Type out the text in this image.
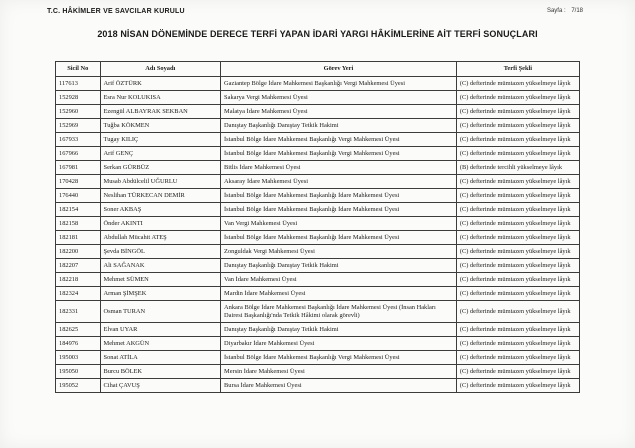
T.C. HÂKİMLER VE SAVCILAR KURULU	Sayfa : 7/18
2018 NİSAN DÖNEMİNDE DERECE TERFİ YAPAN İDARİ YARGI HÂKİMLERİNE AİT TERFİ SONUÇLARI
Sicil No	Adı Soyadı	Görev Yeri	Terfi Şekli
117613	Arif ÖZTÜRK	Gaziantep Bölge İdare Mahkemesi Başkanlığı Vergi Mahkemesi Üyesi	(C) defterinde mümtazen yükselmeye lâyık
152928	Esra Nur KOLUKISA	Sakarya Vergi Mahkemesi Üyesi	(C) defterinde mümtazen yükselmeye lâyık
152960	Ezengül ALBAYRAK SEKBAN	Malatya İdare Mahkemesi Üyesi	(C) defterinde mümtazen yükselmeye lâyık
152969	Tuğba KÖKMEN	Danıştay Başkanlığı Danıştay Tetkik Hakimi	(C) defterinde mümtazen yükselmeye lâyık
167933	Tugay KILIÇ	İstanbul Bölge İdare Mahkemesi Başkanlığı Vergi Mahkemesi Üyesi	(C) defterinde mümtazen yükselmeye lâyık
167966	Arif GENÇ	İstanbul Bölge İdare Mahkemesi Başkanlığı Vergi Mahkemesi Üyesi	(C) defterinde mümtazen yükselmeye lâyık
167981	Serkan GÜRBÜZ	Bitlis İdare Mahkemesi Üyesi	(B) defterinde tercihli yükselmeye lâyık
170428	Musab Abdülcelil UĞURLU	Aksaray İdare Mahkemesi Üyesi	(C) defterinde mümtazen yükselmeye lâyık
176440	Neslihan TÜRKECAN DEMİR	İstanbul Bölge İdare Mahkemesi Başkanlığı İdare Mahkemesi Üyesi	(C) defterinde mümtazen yükselmeye lâyık
182154	Soner AKBAŞ	İstanbul Bölge İdare Mahkemesi Başkanlığı İdare Mahkemesi Üyesi	(C) defterinde mümtazen yükselmeye lâyık
182158	Önder AKINTI	Van Vergi Mahkemesi Üyesi	(C) defterinde mümtazen yükselmeye lâyık
182181	Abdullah Mücahit ATEŞ	İstanbul Bölge İdare Mahkemesi Başkanlığı İdare Mahkemesi Üyesi	(C) defterinde mümtazen yükselmeye lâyık
182200	Şevda BİNGÖL	Zonguldak Vergi Mahkemesi Üyesi	(C) defterinde mümtazen yükselmeye lâyık
182207	Ali SAĞANAK	Danıştay Başkanlığı Danıştay Tetkik Hakimi	(C) defterinde mümtazen yükselmeye lâyık
182218	Mehmet SÜMEN	Van İdare Mahkemesi Üyesi	(C) defterinde mümtazen yükselmeye lâyık
182324	Arman ŞİMŞEK	Mardin İdare Mahkemesi Üyesi	(C) defterinde mümtazen yükselmeye lâyık
182331	Osman TURAN	Ankara Bölge İdare Mahkemesi Başkanlığı İdare Mahkemesi Üyesi (İnsan Hakları Dairesi Başkanlığı'nda Tetkik Hâkimi olarak görevli)	(C) defterinde mümtazen yükselmeye lâyık
182625	Elvan UYAR	Danıştay Başkanlığı Danıştay Tetkik Hakimi	(C) defterinde mümtazen yükselmeye lâyık
184976	Mehmet AKGÜN	Diyarbakır İdare Mahkemesi Üyesi	(C) defterinde mümtazen yükselmeye lâyık
195003	Sonat ATİLA	İstanbul Bölge İdare Mahkemesi Başkanlığı Vergi Mahkemesi Üyesi	(C) defterinde mümtazen yükselmeye lâyık
195050	Burcu BÖLEK	Mersin İdare Mahkemesi Üyesi	(C) defterinde mümtazen yükselmeye lâyık
195052	Cihat ÇAVUŞ	Bursa İdare Mahkemesi Üyesi	(C) defterinde mümtazen yükselmeye lâyık
